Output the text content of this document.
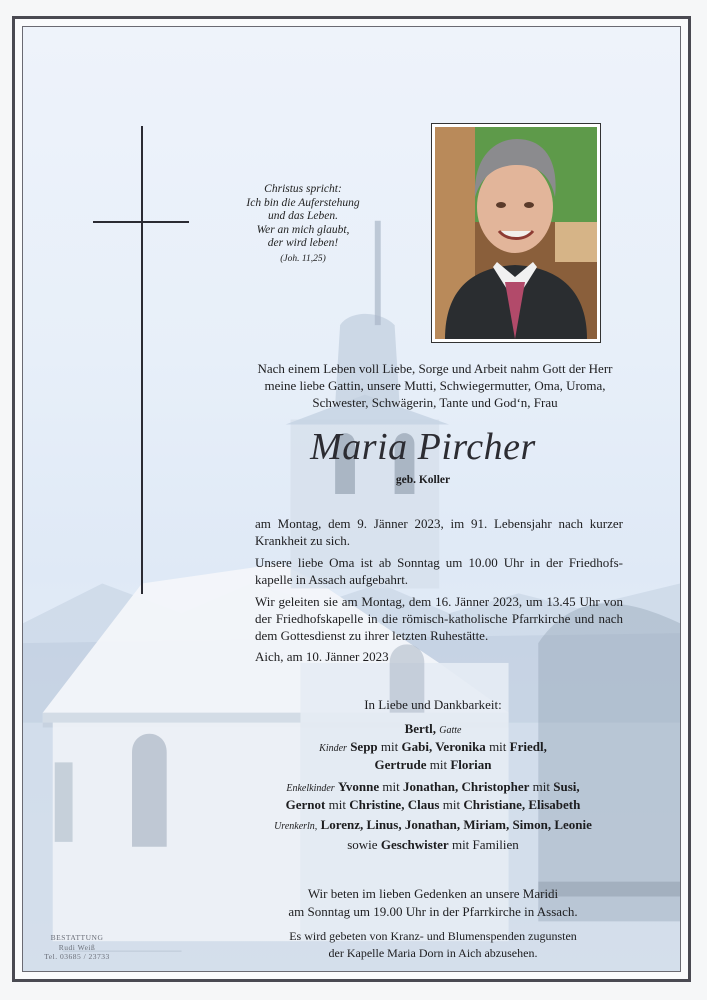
Christus spricht:
Ich bin die Auferstehung
und das Leben.
Wer an mich glaubt,
der wird leben!
(Joh. 11,25)
Nach einem Leben voll Liebe, Sorge und Arbeit nahm Gott der Herr meine liebe Gattin, unsere Mutti, Schwiegermutter, Oma, Uroma, Schwester, Schwägerin, Tante und God‘n, Frau
Maria Pircher
geb. Koller
am Montag, dem 9. Jänner 2023, im 91. Lebensjahr nach kurzer Krankheit zu sich.
Unsere liebe Oma ist ab Sonntag um 10.00 Uhr in der Friedhofskapelle in Assach aufgebahrt.
Wir geleiten sie am Montag, dem 16. Jänner 2023, um 13.45 Uhr von der Friedhofskapelle in die römisch-katholische Pfarrkirche und nach dem Gottesdienst zu ihrer letzten Ruhestätte.
Aich, am 10. Jänner 2023
In Liebe und Dankbarkeit:
Bertl, Gatte
Kinder Sepp mit Gabi, Veronika mit Friedl,
Gertrude mit Florian
Enkelkinder Yvonne mit Jonathan, Christopher mit Susi,
Gernot mit Christine, Claus mit Christiane, Elisabeth
Urenkerln, Lorenz, Linus, Jonathan, Miriam, Simon, Leonie
sowie Geschwister mit Familien
Wir beten im lieben Gedenken an unsere Maridi
am Sonntag um 19.00 Uhr in der Pfarrkirche in Assach.
Es wird gebeten von Kranz- und Blumenspenden zugunsten
der Kapelle Maria Dorn in Aich abzusehen.
BESTATTUNG
Rudi Weiß
Tel. 03685 / 23733
